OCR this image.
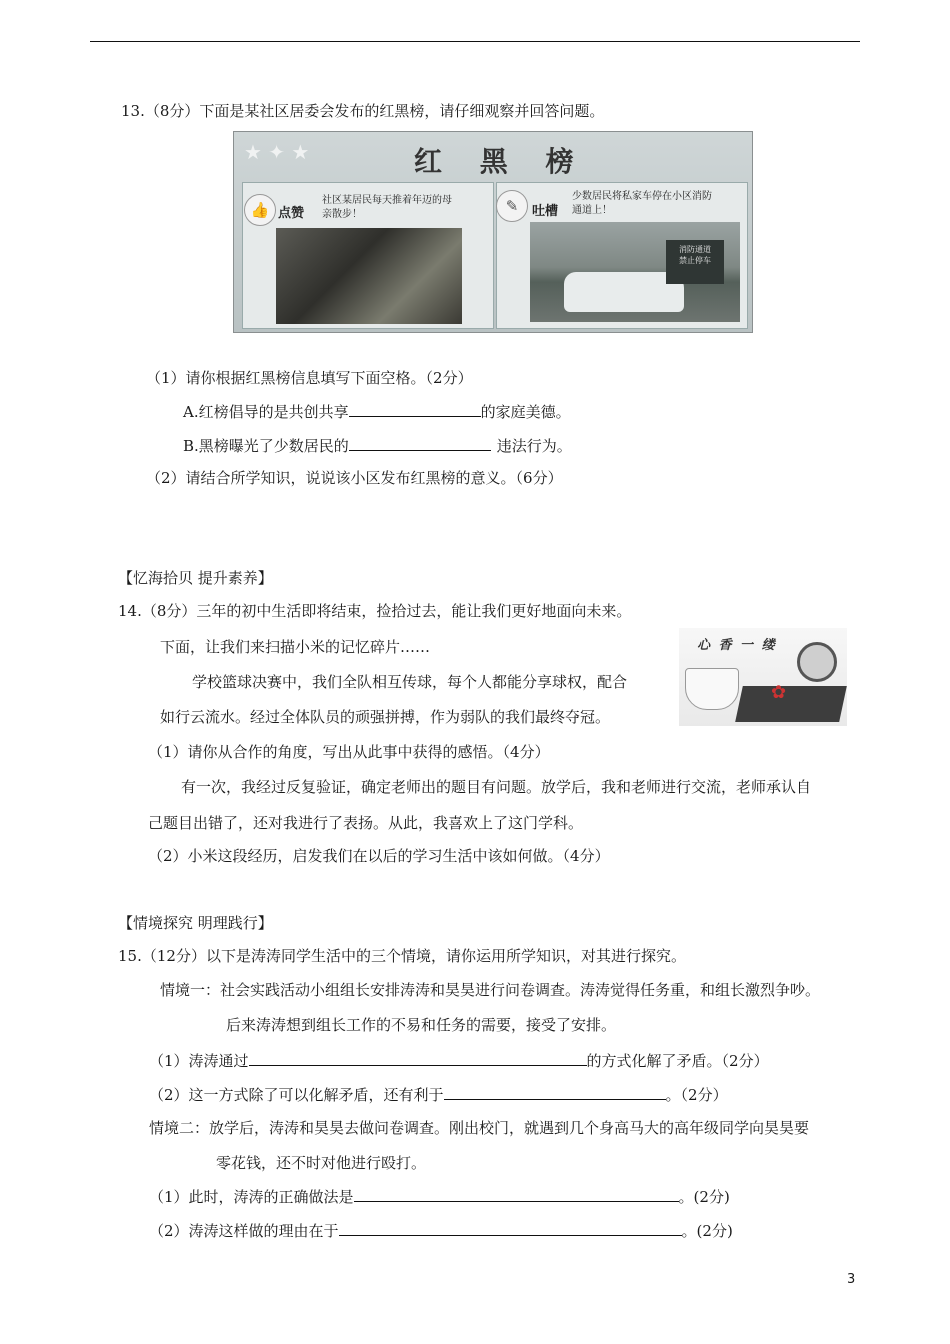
13.（8分）下面是某社区居委会发布的红黑榜，请仔细观察并回答问题。
★ ✦ ★	红 黑 榜
👍 点赞
社区某居民每天推着年迈的母
亲散步！	✎	吐槽
少数居民将私家车停在小区消防
通道上！
消防通道
禁止停车
（1）请你根据红黑榜信息填写下面空格。（2分）
A.红榜倡导的是共创共享	的家庭美德。
B.黑榜曝光了少数居民的	违法行为。
（2）请结合所学知识，说说该小区发布红黑榜的意义。（6分）
【忆海拾贝 提升素养】
14.（8分）三年的初中生活即将结束，捡拾过去，能让我们更好地面向未来。
下面，让我们来扫描小米的记忆碎片……
学校篮球决赛中，我们全队相互传球，每个人都能分享球权，配合
如行云流水。经过全体队员的顽强拼搏，作为弱队的我们最终夺冠。
心 香 一 缕
✿
（1）请你从合作的角度，写出从此事中获得的感悟。（4分）
有一次，我经过反复验证，确定老师出的题目有问题。放学后，我和老师进行交流，老师承认自
己题目出错了，还对我进行了表扬。从此，我喜欢上了这门学科。
（2）小米这段经历，启发我们在以后的学习生活中该如何做。（4分）
【情境探究 明理践行】
15.（12分）以下是涛涛同学生活中的三个情境，请你运用所学知识，对其进行探究。
情境一：社会实践活动小组组长安排涛涛和昊昊进行问卷调查。涛涛觉得任务重，和组长激烈争吵。
后来涛涛想到组长工作的不易和任务的需要，接受了安排。
（1）涛涛通过	的方式化解了矛盾。（2分）
（2）这一方式除了可以化解矛盾，还有利于	。（2分）
情境二：放学后，涛涛和昊昊去做问卷调查。刚出校门，就遇到几个身高马大的高年级同学向昊昊要
零花钱，还不时对他进行殴打。
（1）此时，涛涛的正确做法是	。(2分)
（2）涛涛这样做的理由在于	。(2分)
3
